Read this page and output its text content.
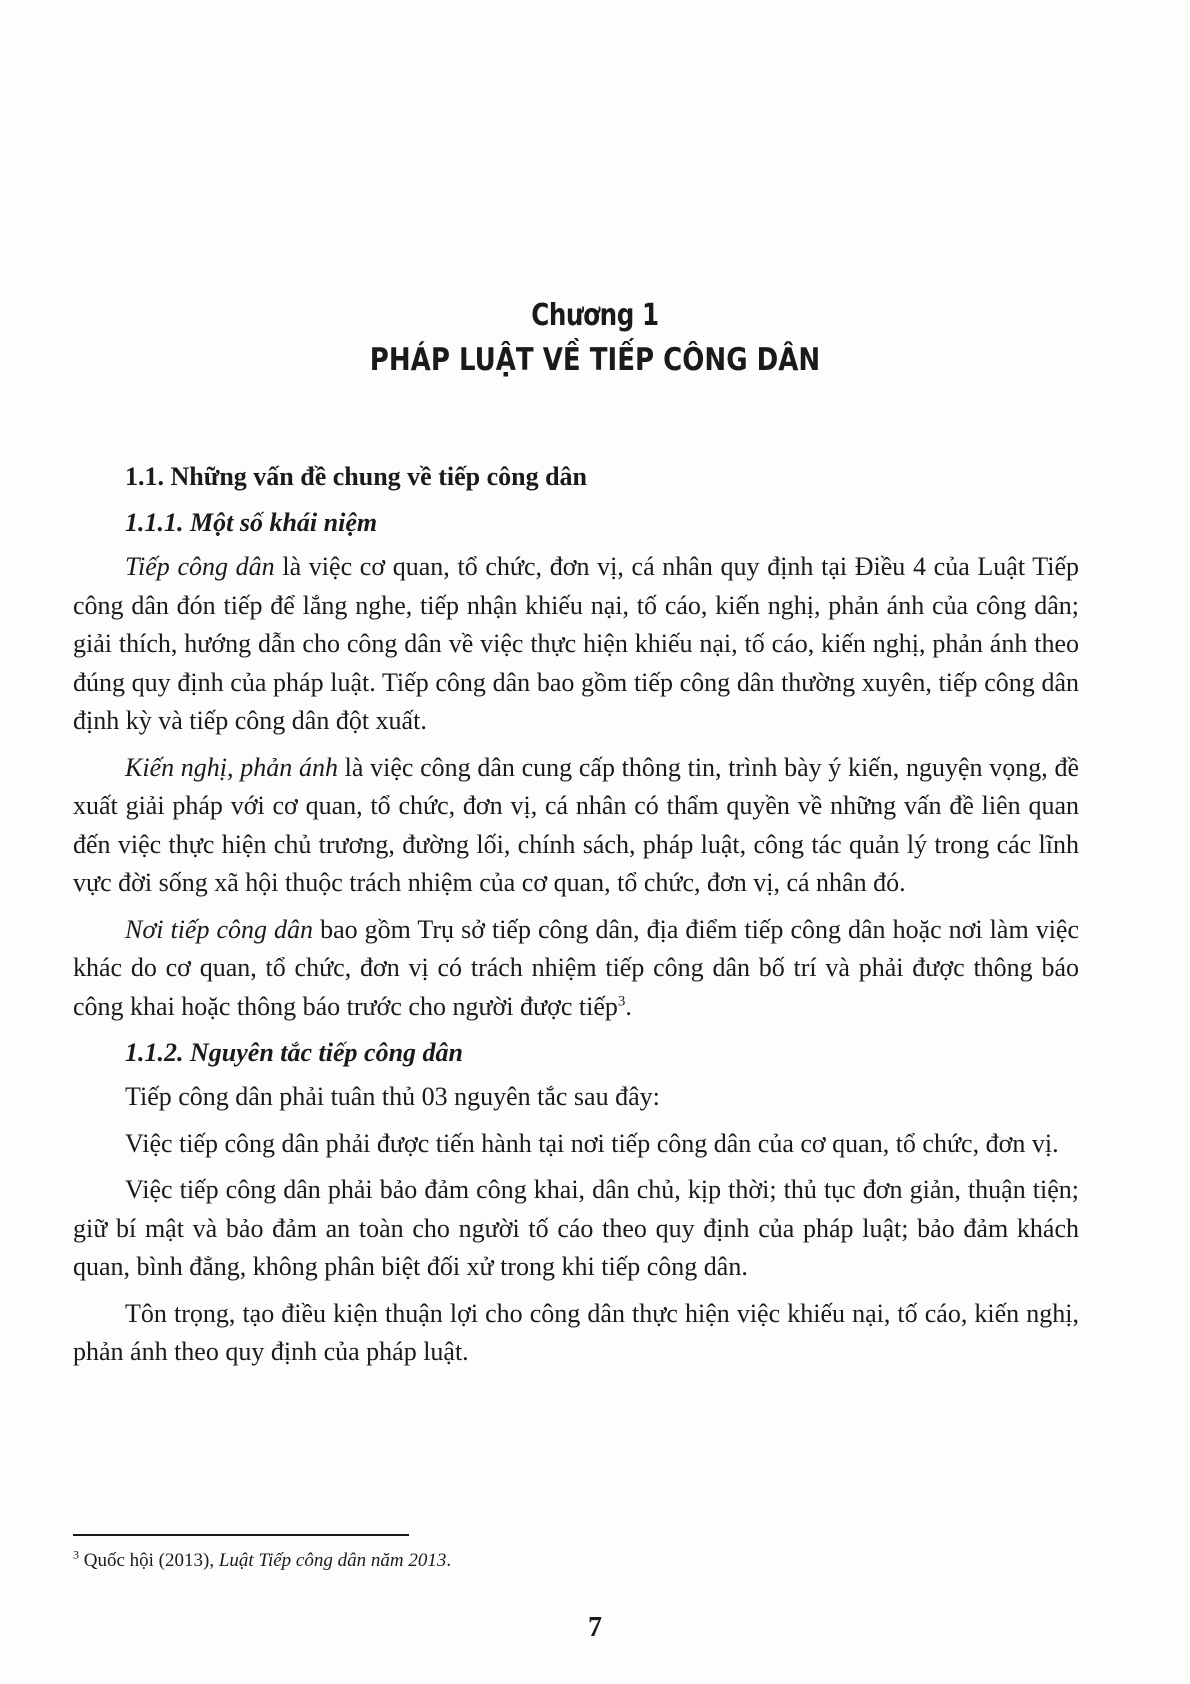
Chương 1
PHÁP LUẬT VỀ TIẾP CÔNG DÂN
1.1. Những vấn đề chung về tiếp công dân
1.1.1. Một số khái niệm

Tiếp công dân là việc cơ quan, tổ chức, đơn vị, cá nhân quy định tại Điều 4 của Luật Tiếp công dân đón tiếp để lắng nghe, tiếp nhận khiếu nại, tố cáo, kiến nghị, phản ánh của công dân; giải thích, hướng dẫn cho công dân về việc thực hiện khiếu nại, tố cáo, kiến nghị, phản ánh theo đúng quy định của pháp luật. Tiếp công dân bao gồm tiếp công dân thường xuyên, tiếp công dân định kỳ và tiếp công dân đột xuất.

Kiến nghị, phản ánh là việc công dân cung cấp thông tin, trình bày ý kiến, nguyện vọng, đề xuất giải pháp với cơ quan, tổ chức, đơn vị, cá nhân có thẩm quyền về những vấn đề liên quan đến việc thực hiện chủ trương, đường lối, chính sách, pháp luật, công tác quản lý trong các lĩnh vực đời sống xã hội thuộc trách nhiệm của cơ quan, tổ chức, đơn vị, cá nhân đó.

Nơi tiếp công dân bao gồm Trụ sở tiếp công dân, địa điểm tiếp công dân hoặc nơi làm việc khác do cơ quan, tổ chức, đơn vị có trách nhiệm tiếp công dân bố trí và phải được thông báo công khai hoặc thông báo trước cho người được tiếp$^3$.

1.1.2. Nguyên tắc tiếp công dân

Tiếp công dân phải tuân thủ 03 nguyên tắc sau đây:

Việc tiếp công dân phải được tiến hành tại nơi tiếp công dân của cơ quan, tổ chức, đơn vị.

Việc tiếp công dân phải bảo đảm công khai, dân chủ, kịp thời; thủ tục đơn giản, thuận tiện; giữ bí mật và bảo đảm an toàn cho người tố cáo theo quy định của pháp luật; bảo đảm khách quan, bình đẳng, không phân biệt đối xử trong khi tiếp công dân.

Tôn trọng, tạo điều kiện thuận lợi cho công dân thực hiện việc khiếu nại, tố cáo, kiến nghị, phản ánh theo quy định của pháp luật.

$^3$ Quốc hội (2013), Luật Tiếp công dân năm 2013.
7
